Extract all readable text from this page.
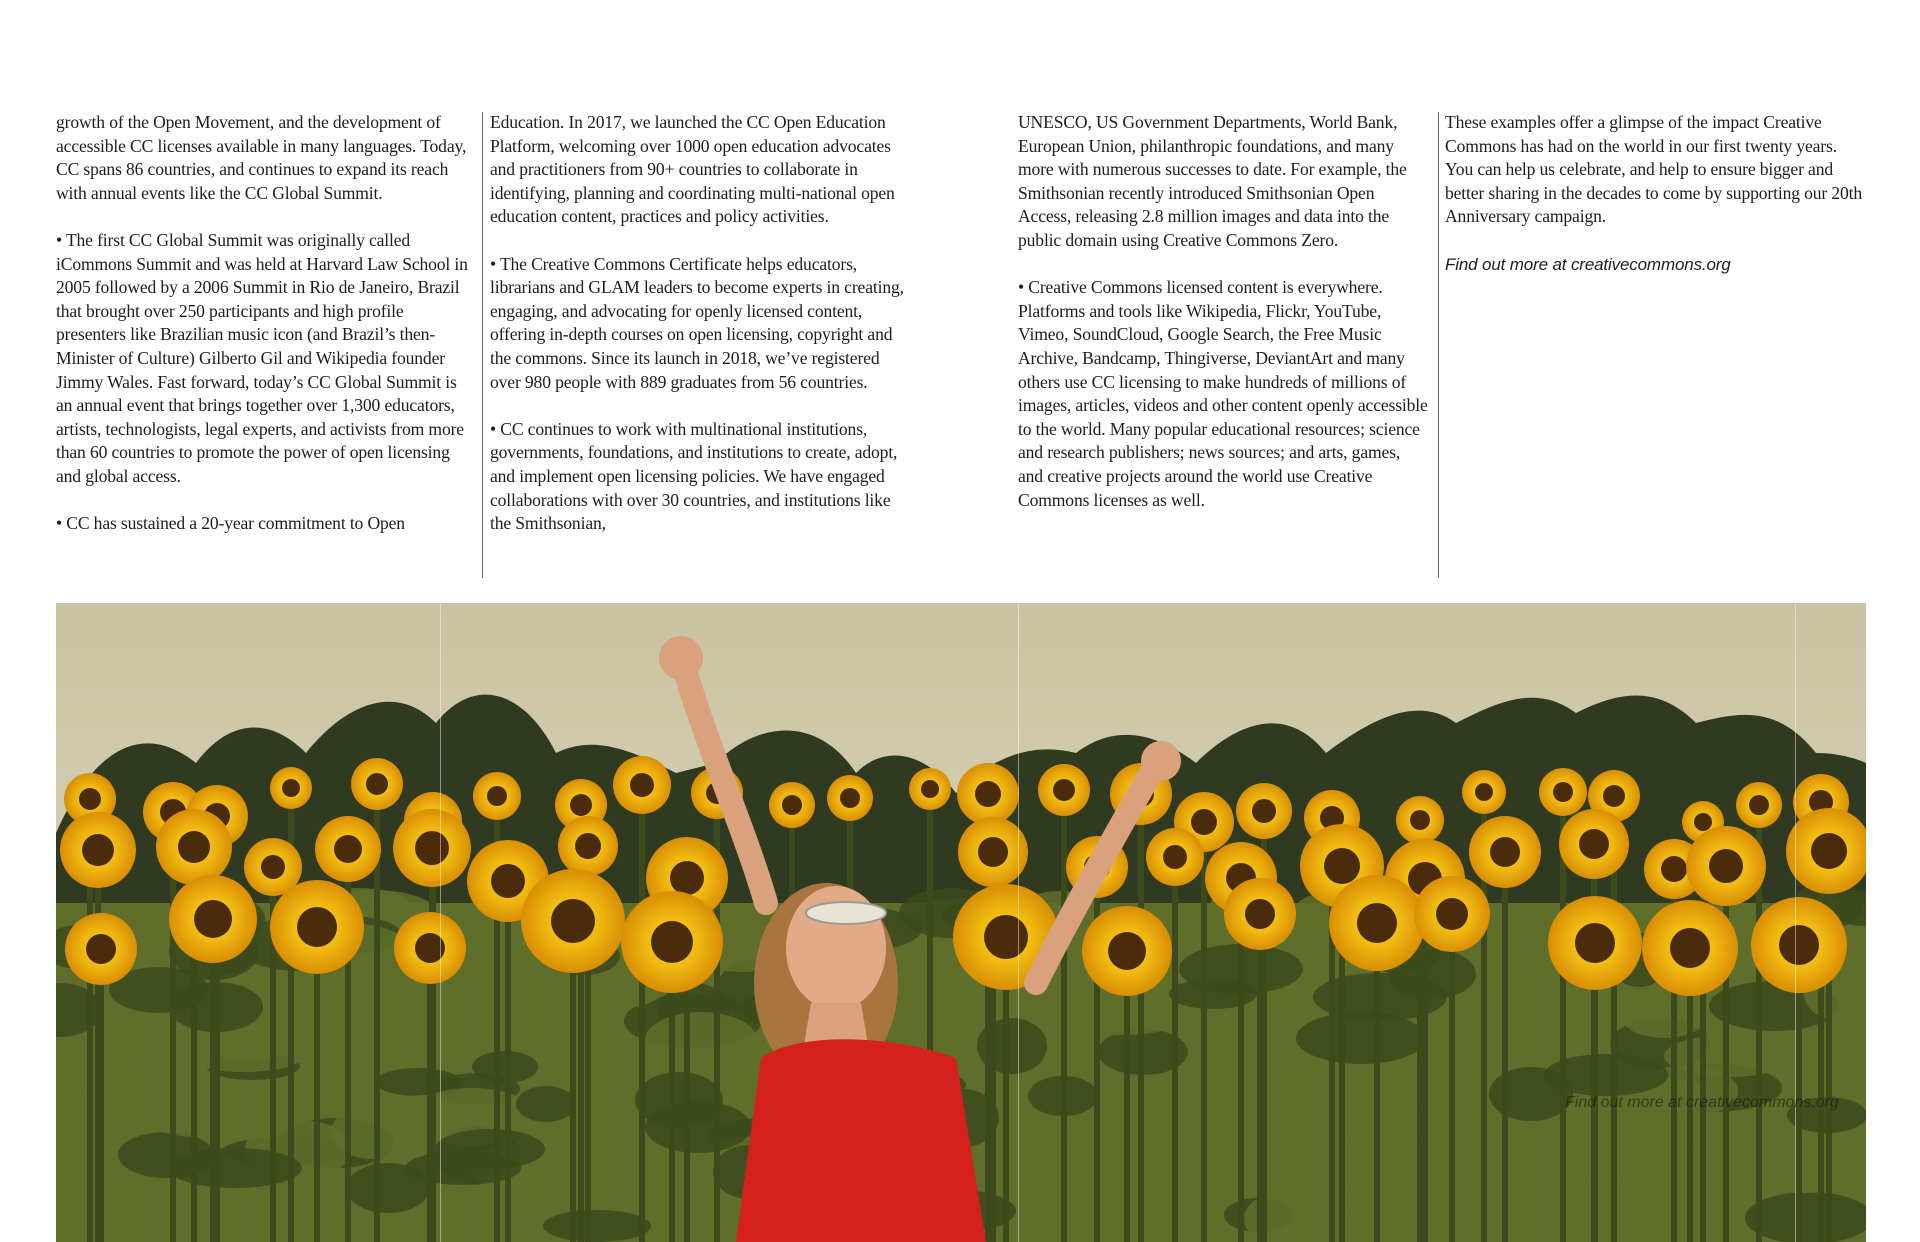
growth of the Open Movement, and the development of accessible CC licenses available in many languages. Today, CC spans 86 countries, and continues to expand its reach with annual events like the CC Global Summit.

• The first CC Global Summit was originally called iCommons Summit and was held at Harvard Law School in 2005 followed by a 2006 Summit in Rio de Janeiro, Brazil that brought over 250 participants and high profile presenters like Brazilian music icon (and Brazil’s then-Minister of Culture) Gilberto Gil and Wikipedia founder Jimmy Wales. Fast forward, today’s CC Global Summit is an annual event that brings together over 1,300 educators, artists, technologists, legal experts, and activists from more than 60 countries to promote the power of open licensing and global access.

• CC has sustained a 20-year commitment to Open

Education. In 2017, we launched the CC Open Education Platform, welcoming over 1000 open education advocates and practitioners from 90+ countries to collaborate in identifying, planning and coordinating multi-national open education content, practices and policy activities.

• The Creative Commons Certificate helps educators, librarians and GLAM leaders to become experts in creating, engaging, and advocating for openly licensed content, offering in-depth courses on open licensing, copyright and the commons. Since its launch in 2018, we’ve registered over 980 people with 889 graduates from 56 countries.

• CC continues to work with multinational institutions, governments, foundations, and institutions to create, adopt, and implement open licensing policies. We have engaged collaborations with over 30 countries, and institutions like the Smithsonian,

UNESCO, US Government Departments, World Bank, European Union, philanthropic foundations, and many more with numerous successes to date. For example, the Smithsonian recently introduced Smithsonian Open Access, releasing 2.8 million images and data into the public domain using Creative Commons Zero.

• Creative Commons licensed content is everywhere. Platforms and tools like Wikipedia, Flickr, YouTube, Vimeo, SoundCloud, Google Search, the Free Music Archive, Bandcamp, Thingiverse, DeviantArt and many others use CC licensing to make hundreds of millions of images, articles, videos and other content openly accessible to the world. Many popular educational resources; science and research publishers; news sources; and arts, games, and creative projects around the world use Creative Commons licenses as well.

These examples offer a glimpse of the impact Creative Commons has had on the world in our first twenty years. You can help us celebrate, and help to ensure bigger and better sharing in the decades to come by supporting our 20th Anniversary campaign.

Find out more at creativecommons.org

Find out more at creativecommons.org
